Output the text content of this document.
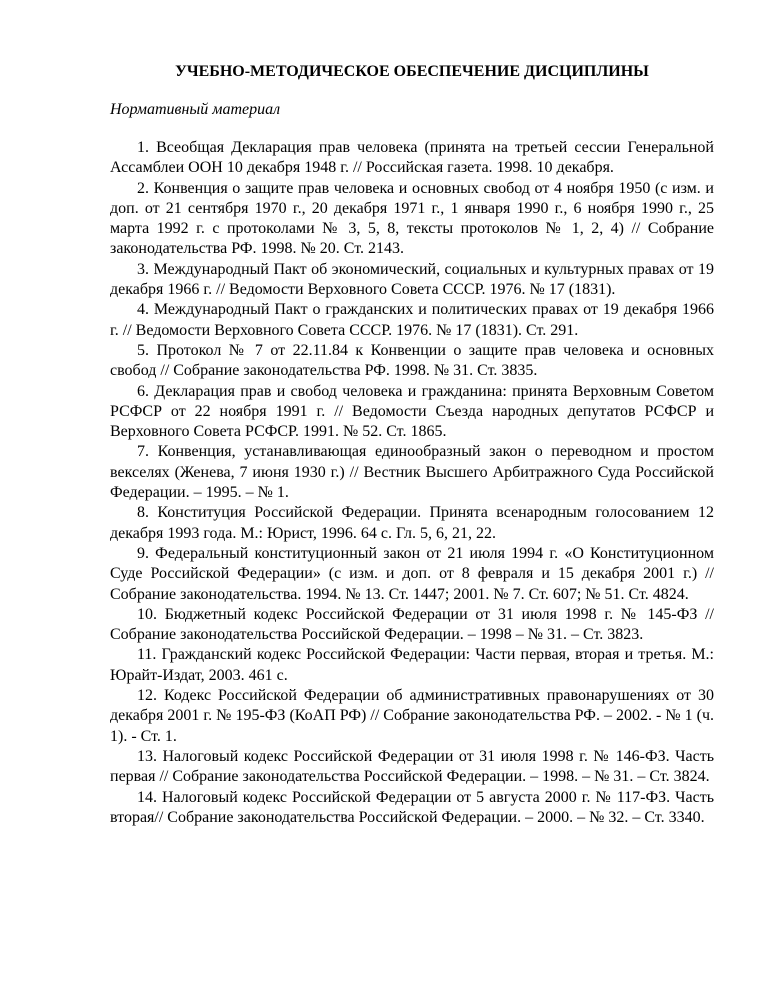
УЧЕБНО-МЕТОДИЧЕСКОЕ ОБЕСПЕЧЕНИЕ ДИСЦИПЛИНЫ
Нормативный материал

1. Всеобщая Декларация прав человека (принята на третьей сессии Генеральной Ассамблеи ООН 10 декабря 1948 г. // Российская газета. 1998. 10 декабря.

2. Конвенция о защите прав человека и основных свобод от 4 ноября 1950 (с изм. и доп. от 21 сентября 1970 г., 20 декабря 1971 г., 1 января 1990 г., 6 ноября 1990 г., 25 марта 1992 г. с протоколами № 3, 5, 8, тексты протоколов № 1, 2, 4) // Собрание законодательства РФ. 1998. № 20. Ст. 2143.

3. Международный Пакт об экономический, социальных и культурных правах от 19 декабря 1966 г. // Ведомости Верховного Совета СССР. 1976. № 17 (1831).

4. Международный Пакт о гражданских и политических правах от 19 декабря 1966 г. // Ведомости Верховного Совета СССР. 1976. № 17 (1831). Ст. 291.

5. Протокол № 7 от 22.11.84 к Конвенции о защите прав человека и основных свобод // Собрание законодательства РФ. 1998. № 31. Ст. 3835.

6. Декларация прав и свобод человека и гражданина: принята Верховным Советом РСФСР от 22 ноября 1991 г. // Ведомости Съезда народных депутатов РСФСР и Верховного Совета РСФСР. 1991. № 52. Ст. 1865.

7. Конвенция, устанавливающая единообразный закон о переводном и простом векселях (Женева, 7 июня 1930 г.) // Вестник Высшего Арбитражного Суда Российской Федерации. – 1995. – № 1.

8. Конституция Российской Федерации. Принята всенародным голосованием 12 декабря 1993 года. М.: Юрист, 1996. 64 с. Гл. 5, 6, 21, 22.

9. Федеральный конституционный закон от 21 июля 1994 г. «О Конституционном Суде Российской Федерации» (с изм. и доп. от 8 февраля и 15 декабря 2001 г.) // Собрание законодательства. 1994. № 13. Ст. 1447; 2001. № 7. Ст. 607; № 51. Ст. 4824.

10. Бюджетный кодекс Российской Федерации от 31 июля 1998 г. № 145-ФЗ // Собрание законодательства Российской Федерации. – 1998 – № 31. – Ст. 3823.

11. Гражданский кодекс Российской Федерации: Части первая, вторая и третья. М.: Юрайт-Издат, 2003. 461 с.

12. Кодекс Российской Федерации об административных правонарушениях от 30 декабря 2001 г. № 195-ФЗ (КоАП РФ) // Собрание законодательства РФ. – 2002. - № 1 (ч. 1). - Ст. 1.

13. Налоговый кодекс Российской Федерации от 31 июля 1998 г. № 146-ФЗ. Часть первая // Собрание законодательства Российской Федерации. – 1998. – № 31. – Ст. 3824.

14. Налоговый кодекс Российской Федерации от 5 августа 2000 г. № 117-ФЗ. Часть вторая// Собрание законодательства Российской Федерации. – 2000. – № 32. – Ст. 3340.
